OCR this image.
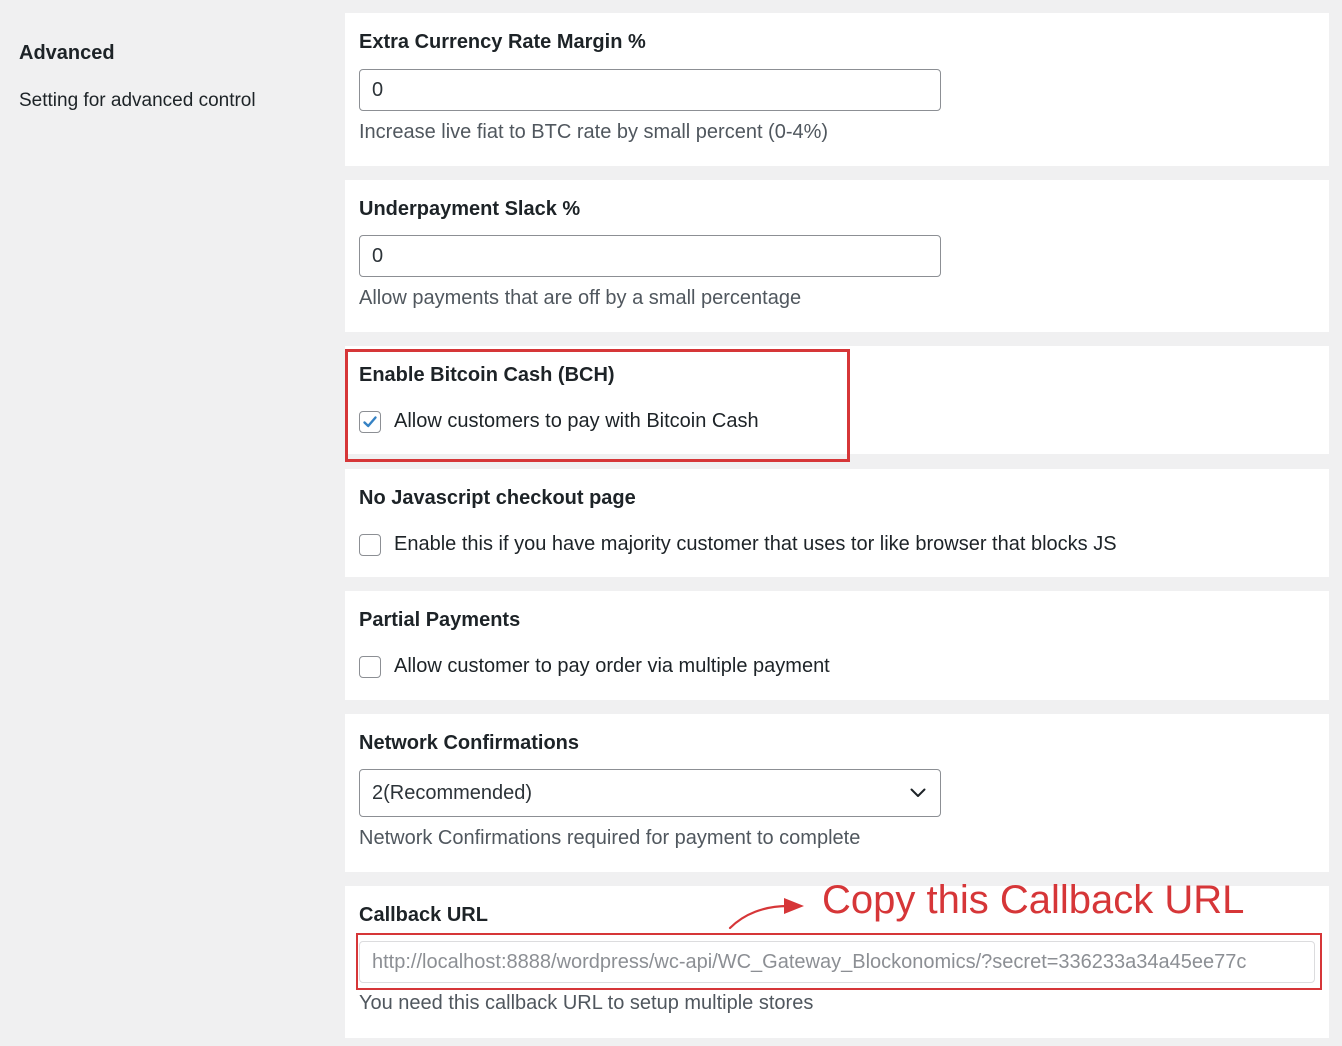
Advanced
Setting for advanced control
Extra Currency Rate Margin %
0
Increase live fiat to BTC rate by small percent (0-4%)
Underpayment Slack %
0
Allow payments that are off by a small percentage
Enable Bitcoin Cash (BCH)
Allow customers to pay with Bitcoin Cash
No Javascript checkout page
Enable this if you have majority customer that uses tor like browser that blocks JS
Partial Payments
Allow customer to pay order via multiple payment
Network Confirmations
2(Recommended)
Network Confirmations required for payment to complete
Callback URL
http://localhost:8888/wordpress/wc-api/WC_Gateway_Blockonomics/?secret=336233a34a45ee77c
You need this callback URL to setup multiple stores
Copy this Callback URL
